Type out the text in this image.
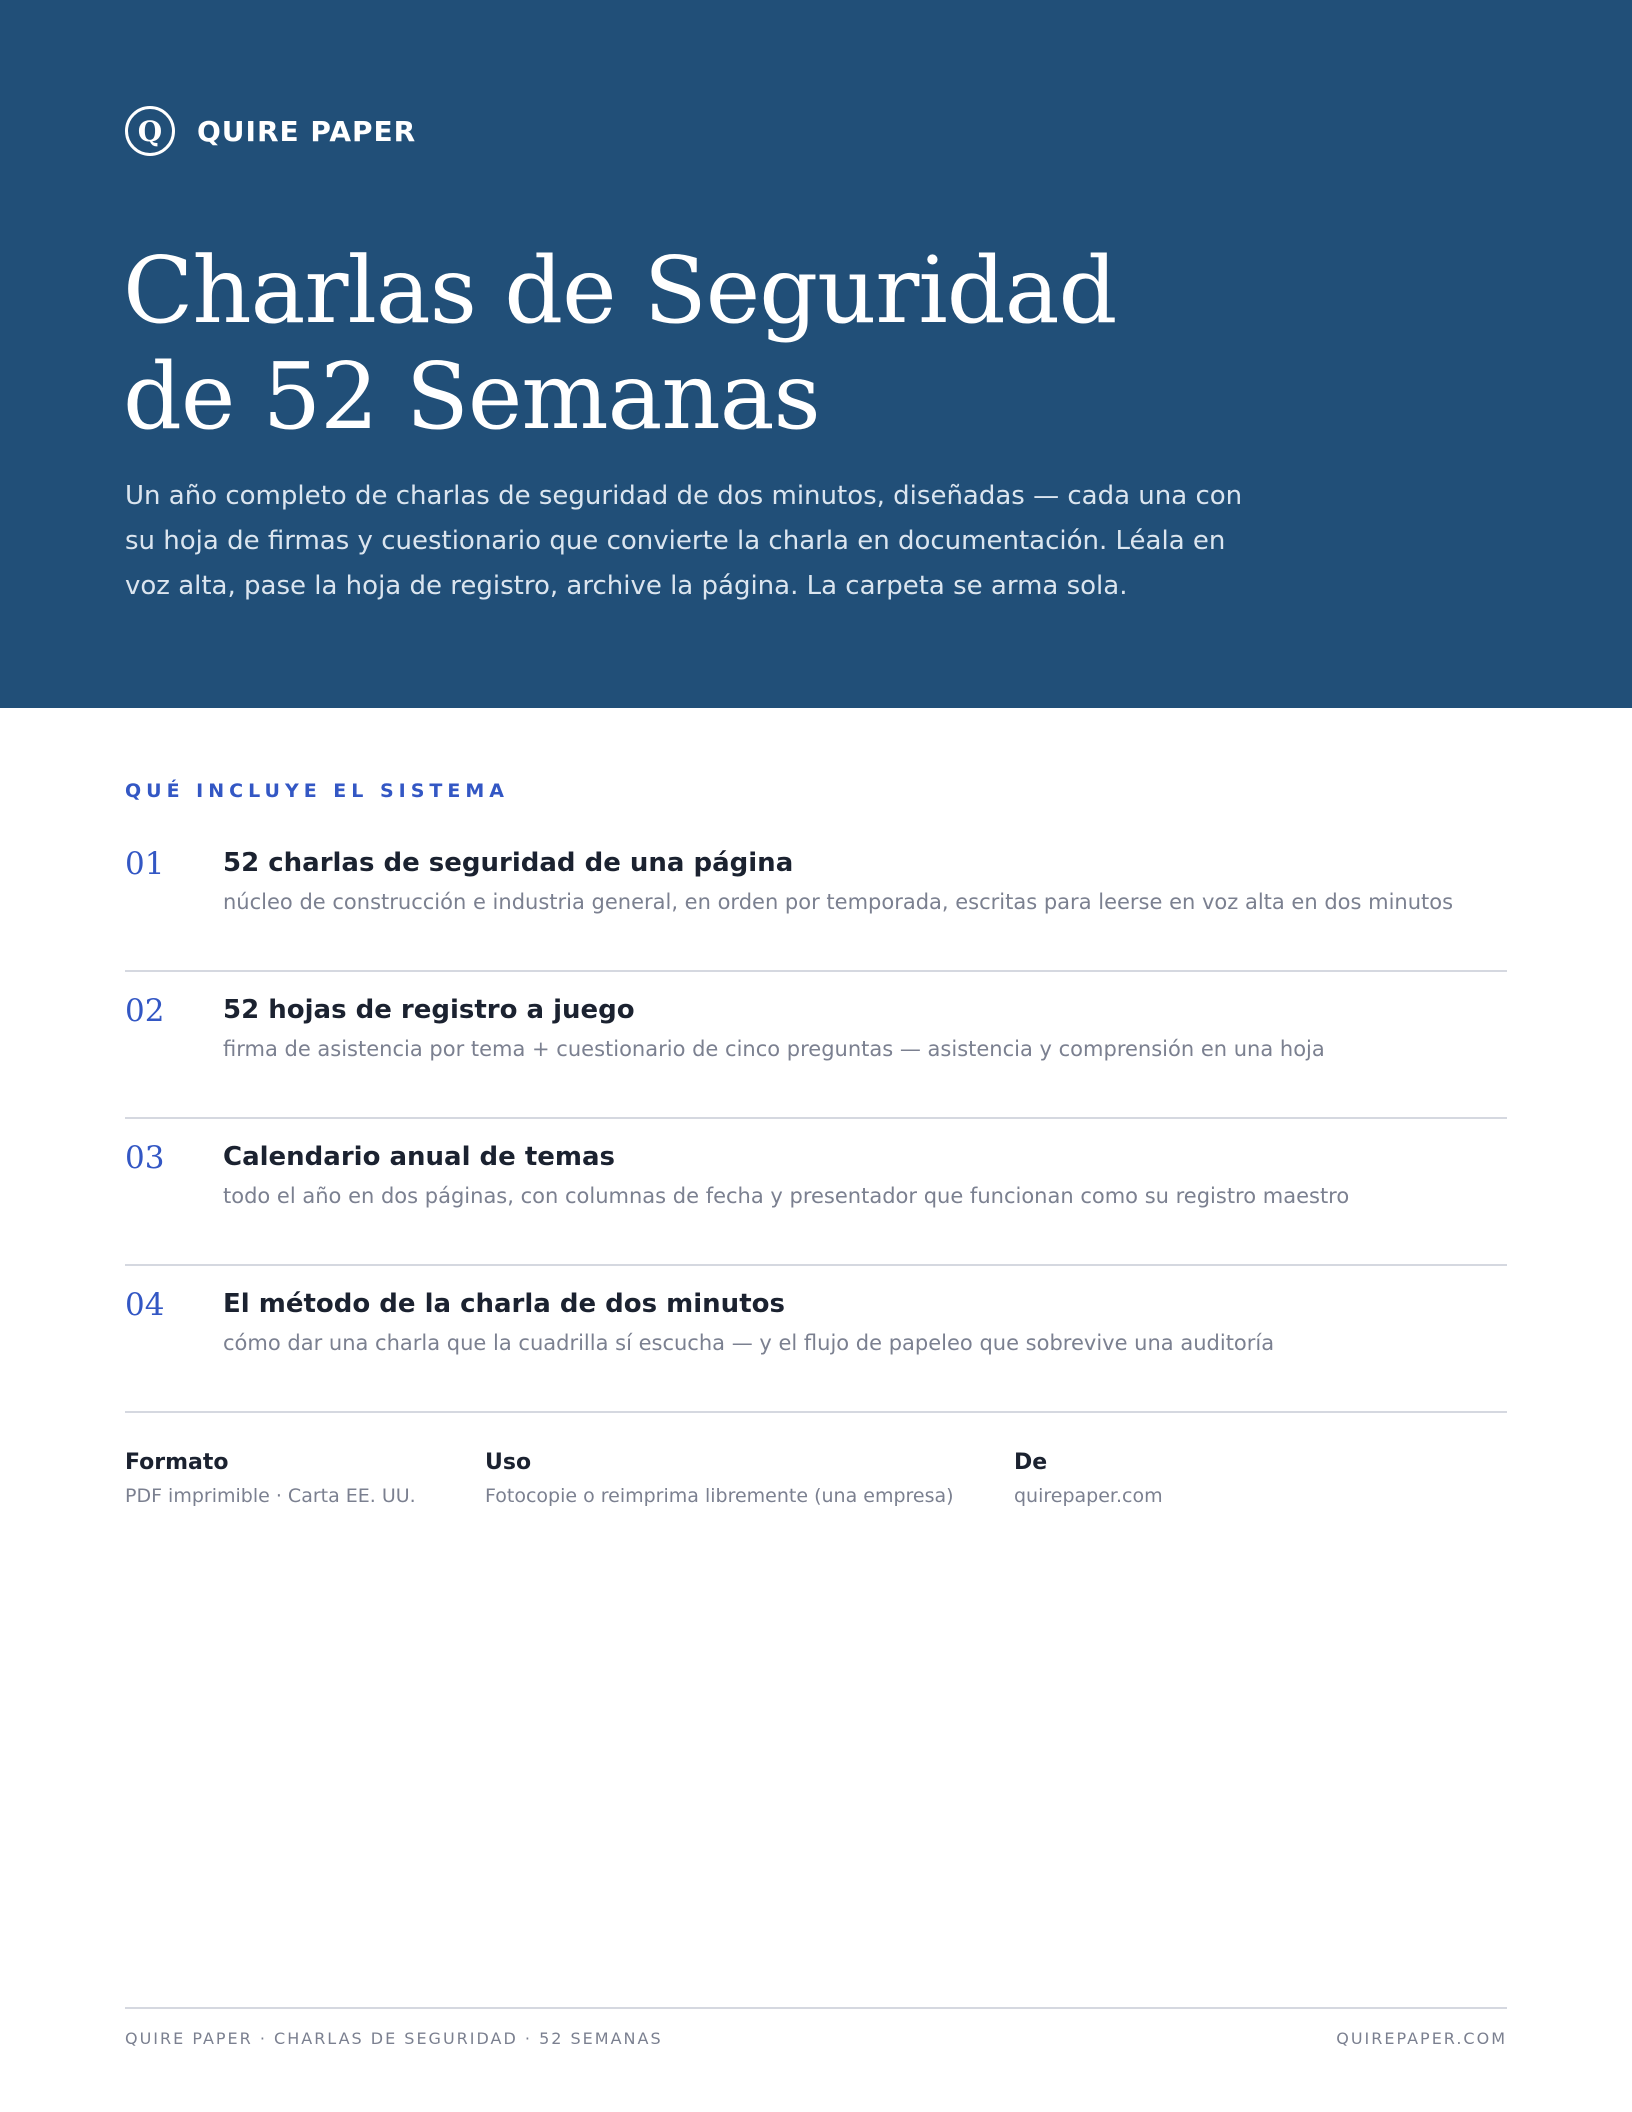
Q	QUIRE PAPER
Charlas de Seguridad
de 52 Semanas

Un año completo de charlas de seguridad de dos minutos, diseñadas — cada una con su hoja de firmas y cuestionario que convierte la charla en documentación. Léala en voz alta, pase la hoja de registro, archive la página. La carpeta se arma sola.

QUÉ INCLUYE EL SISTEMA
01 52 charlas de seguridad de una página
núcleo de construcción e industria general, en orden por temporada, escritas para leerse en voz alta en dos minutos
02 52 hojas de registro a juego
firma de asistencia por tema + cuestionario de cinco preguntas — asistencia y comprensión en una hoja
03 Calendario anual de temas
todo el año en dos páginas, con columnas de fecha y presentador que funcionan como su registro maestro
04 El método de la charla de dos minutos
cómo dar una charla que la cuadrilla sí escucha — y el flujo de papeleo que sobrevive una auditoría
Formato
PDF imprimible · Carta EE. UU.
Uso
Fotocopie o reimprima libremente (una empresa)
De
quirepaper.com
QUIRE PAPER · CHARLAS DE SEGURIDAD · 52 SEMANAS	QUIREPAPER.COM
